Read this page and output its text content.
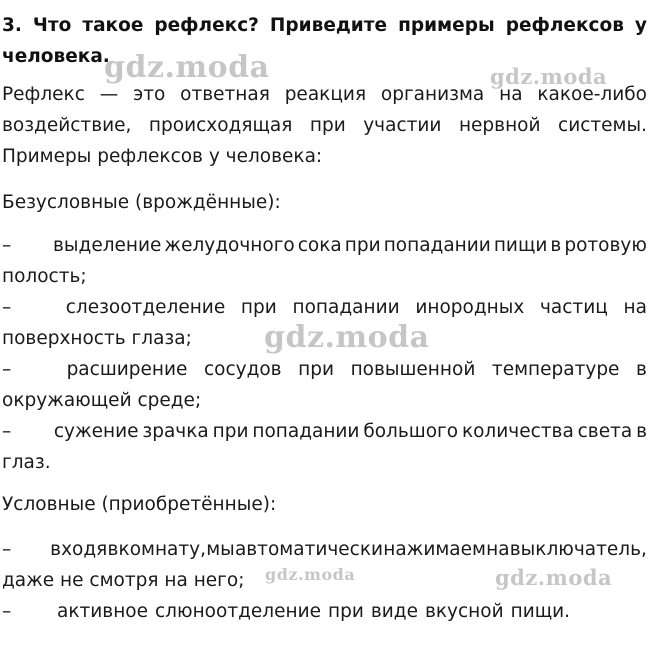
3. Что такое рефлекс? Приведите примеры рефлексов у человека.
Рефлекс — это ответная реакция организма на какое-либо воздействие, происходящая при участии нервной системы. Примеры рефлексов у человека:
Безусловные (врождённые):
–	выделение желудочного сока при попадании пищи в ротовую
полость;
–	слезоотделение при попадании инородных частиц на
поверхность глаза;
–	расширение сосудов при повышенной температуре в
окружающей среде;
–	сужение зрачка при попадании большого количества света в
глаз.
Условные (приобретённые):
–	входя в комнату, мы автоматически нажимаем на выключатель,
даже не смотря на него;
–	активное слюноотделение при виде вкусной пищи.
gdz.moda	gdz.moda
gdz.moda
gdz.moda	gdz.moda
